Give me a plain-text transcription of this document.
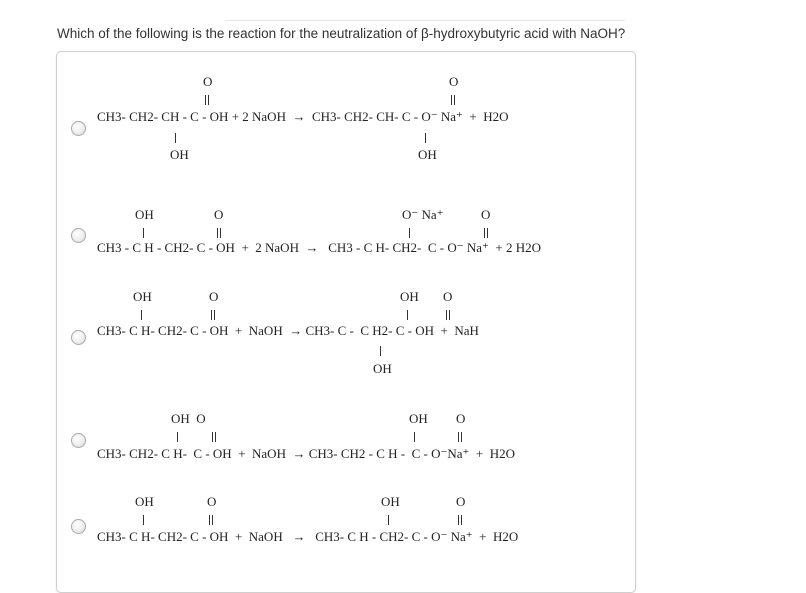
Which of the following is the reaction for the neutralization of β-hydroxybutyric acid with NaOH?
O	O
CH3- CH2- CH - C - OH + 2 NaOH  →  CH3- CH2- CH- C - O⁻ Na⁺  +  H2O
OH	OH
OH	O	O⁻ Na⁺	O
CH3 - C H - CH2- C - OH  +  2 NaOH  →   CH3 - C H- CH2-  C - O⁻ Na⁺  + 2 H2O
OH	O	OH O
CH3- C H- CH2- C - OH  +  NaOH  → CH3- C -  C H2- C - OH  +  NaH
OH
OH  O	OH O
CH3- CH2- C H-  C - OH  +  NaOH  → CH3- CH2 - C H -  C - O⁻Na⁺  +  H2O
OH	O	OH	O
CH3- C H- CH2- C - OH  +  NaOH   →   CH3- C H - CH2- C - O⁻ Na⁺  +  H2O
